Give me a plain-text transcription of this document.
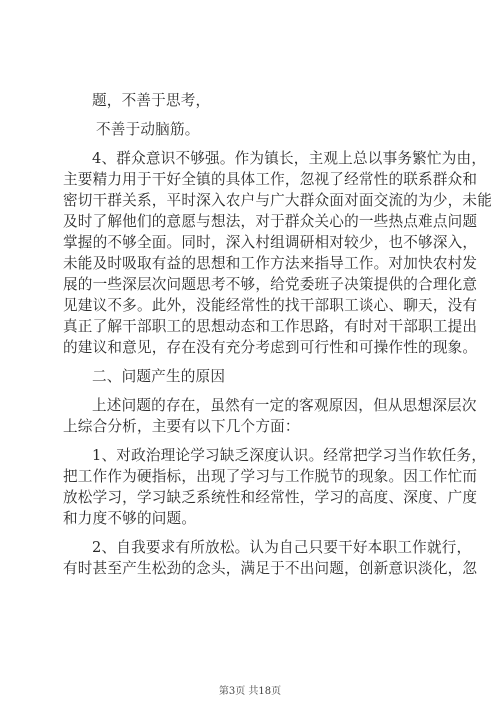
题，不善于思考，
不善于动脑筋。
4、群众意识不够强。作为镇长，主观上总以事务繁忙为由，
主要精力用于干好全镇的具体工作，忽视了经常性的联系群众和
密切干群关系，平时深入农户与广大群众面对面交流的为少，未能
及时了解他们的意愿与想法，对于群众关心的一些热点难点问题
掌握的不够全面。同时，深入村组调研相对较少，也不够深入，
未能及时吸取有益的思想和工作方法来指导工作。对加快农村发
展的一些深层次问题思考不够，给党委班子决策提供的合理化意
见建议不多。此外，没能经常性的找干部职工谈心、聊天，没有
真正了解干部职工的思想动态和工作思路，有时对干部职工提出
的建议和意见，存在没有充分考虑到可行性和可操作性的现象。
二、问题产生的原因
上述问题的存在，虽然有一定的客观原因，但从思想深层次
上综合分析，主要有以下几个方面：
1、对政治理论学习缺乏深度认识。经常把学习当作软任务，
把工作作为硬指标，出现了学习与工作脱节的现象。因工作忙而
放松学习，学习缺乏系统性和经常性，学习的高度、深度、广度
和力度不够的问题。
2、自我要求有所放松。认为自己只要干好本职工作就行，
有时甚至产生松劲的念头，满足于不出问题，创新意识淡化，忽
第3页 共18页
